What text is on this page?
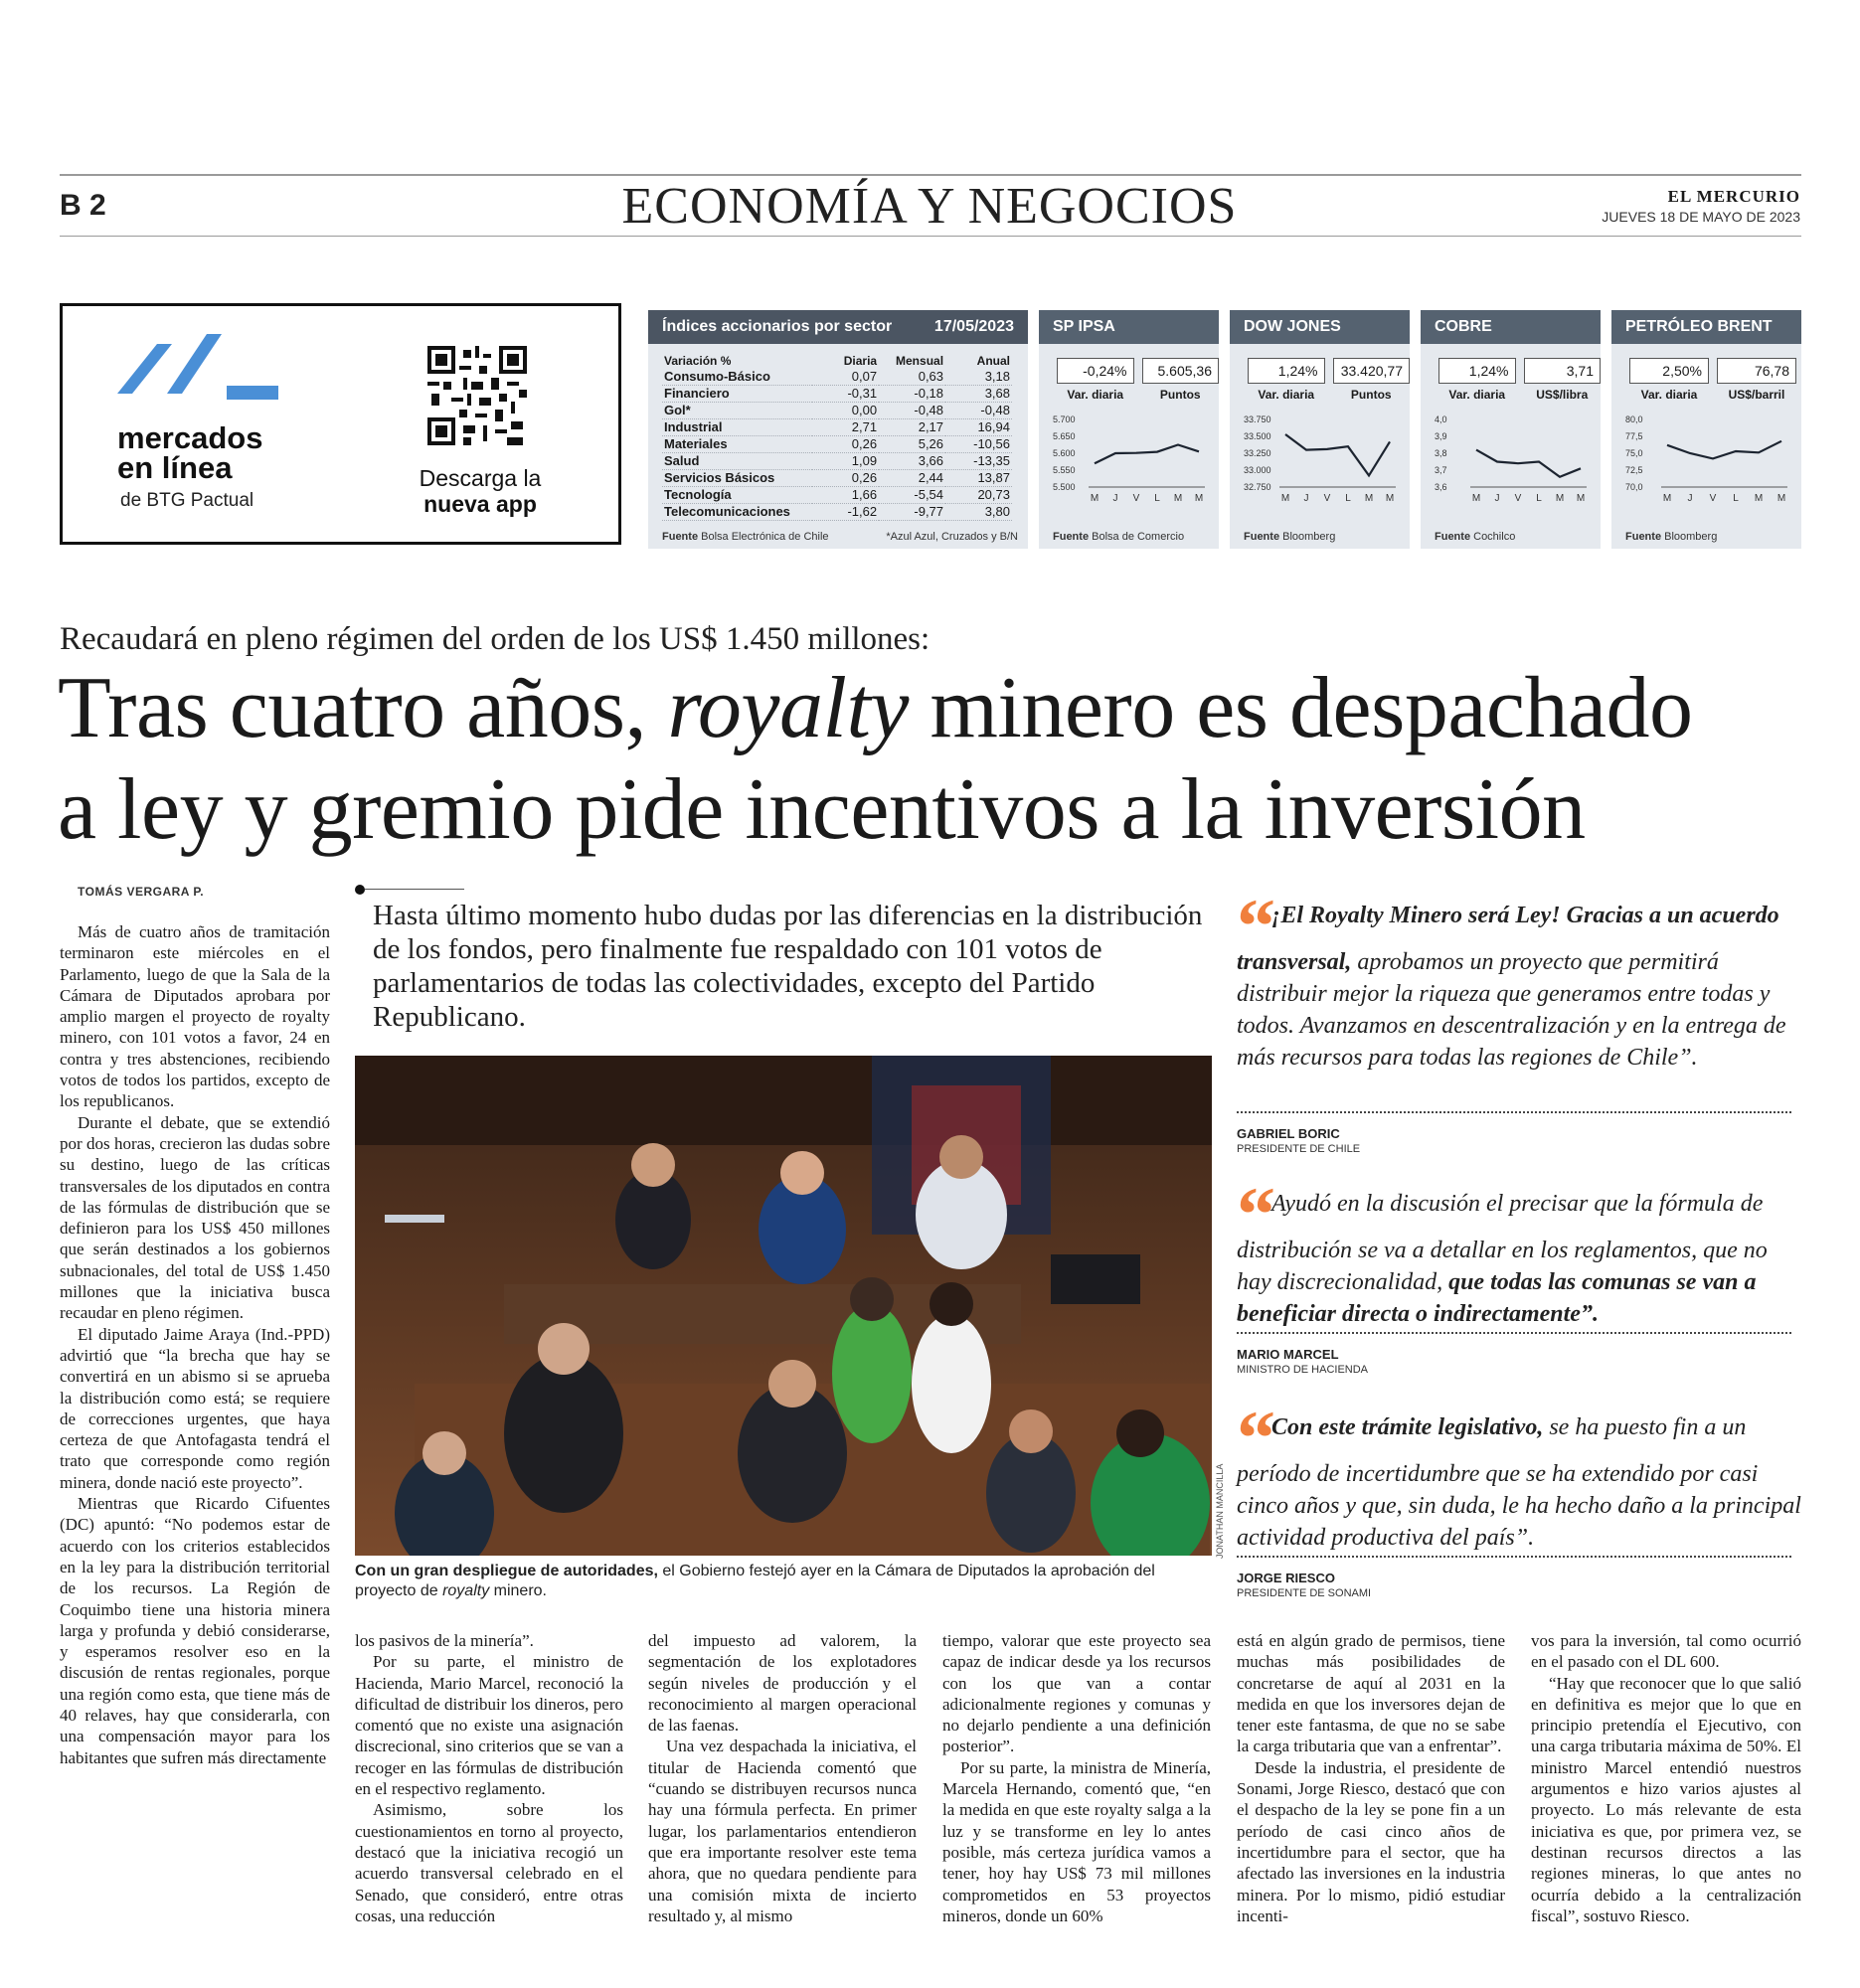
B 2	ECONOMÍA Y NEGOCIOS	EL MERCURIO
JUEVES 18 DE MAYO DE 2023
mercados
en línea
de BTG Pactual
Descarga la
nueva app
Índices accionarios por sector	17/05/2023
Variación %	Diaria	Mensual	Anual
Consumo-Básico	0,07	0,63	3,18
Financiero	-0,31	-0,18	3,68
Gol*	0,00	-0,48	-0,48
Industrial	2,71	2,17	16,94
Materiales	0,26	5,26	-10,56
Salud	1,09	3,66	-13,35
Servicios Básicos	0,26	2,44	13,87
Tecnología	1,66	-5,54	20,73
Telecomunicaciones	-1,62	-9,77	3,80
Fuente Bolsa Electrónica de Chile	*Azul Azul, Cruzados y B/N
SP IPSA
-0,24%	5.605,36
Var. diaria	Puntos
Fuente Bolsa de Comercio
5.700
5.650
5.600
5.550
5.500
M J V L M M
DOW JONES
1,24%	33.420,77
Var. diaria	Puntos
Fuente Bloomberg
33.750
33.500
33.250
33.000
32.750
M J V L M M
COBRE
1,24%	3,71
Var. diaria	US$/libra
Fuente Cochilco
4,0
3,9
3,8
3,7
3,6
M J V L M M
PETRÓLEO BRENT
2,50%	76,78
Var. diaria	US$/barril
Fuente Bloomberg
80,0
77,5
75,0
72,5
70,0
M J V L M M
Recaudará en pleno régimen del orden de los US$ 1.450 millones:
Tras cuatro años, royalty minero es despachado
a ley y gremio pide incentivos a la inversión
TOMÁS VERGARA P.

Más de cuatro años de tramitación terminaron este miércoles en el Parlamento, luego de que la Sala de la Cámara de Diputados aprobara por amplio margen el proyecto de royalty minero, con 101 votos a favor, 24 en contra y tres abstenciones, recibiendo votos de todos los partidos, excepto de los republicanos.

Durante el debate, que se extendió por dos horas, crecieron las dudas sobre su destino, luego de las críticas transversales de los diputados en contra de las fórmulas de distribución que se definieron para los US$ 450 millones que serán destinados a los gobiernos subnacionales, del total de US$ 1.450 millones que la iniciativa busca recaudar en pleno régimen.

El diputado Jaime Araya (Ind.-PPD) advirtió que “la brecha que hay se convertirá en un abismo si se aprueba la distribución como está; se requiere de correcciones urgentes, que haya certeza de que Antofagasta tendrá el trato que corresponde como región minera, donde nació este proyecto”.

Mientras que Ricardo Cifuentes (DC) apuntó: “No podemos estar de acuerdo con los criterios establecidos en la ley para la distribución territorial de los recursos. La Región de Coquimbo tiene una historia minera larga y profunda y debió considerarse, y esperamos resolver eso en la discusión de rentas regionales, porque una región como esta, que tiene más de 40 relaves, hay que considerarla, con una compensación mayor para los habitantes que sufren más directamente

Hasta último momento hubo dudas por las diferencias en la distribución de los fondos, pero finalmente fue respaldado con 101 votos de parlamentarios de todas las colectividades, excepto del Partido Republicano.
JONATHAN MANCILLA
Con un gran despliegue de autoridades, el Gobierno festejó ayer en la Cámara de Diputados la aprobación del proyecto de royalty minero.

los pasivos de la minería”.

Por su parte, el ministro de Hacienda, Mario Marcel, reconoció la dificultad de distribuir los dineros, pero comentó que no existe una asignación discrecional, sino criterios que se van a recoger en las fórmulas de distribución en el respectivo reglamento.

Asimismo, sobre los cuestionamientos en torno al proyecto, destacó que la iniciativa recogió un acuerdo transversal celebrado en el Senado, que consideró, entre otras cosas, una reducción

del impuesto ad valorem, la segmentación de los explotadores según niveles de producción y el reconocimiento al margen operacional de las faenas.

Una vez despachada la iniciativa, el titular de Hacienda comentó que “cuando se distribuyen recursos nunca hay una fórmula perfecta. En primer lugar, los parlamentarios entendieron que era importante resolver este tema ahora, que no quedara pendiente para una comisión mixta de incierto resultado y, al mismo

tiempo, valorar que este proyecto sea capaz de indicar desde ya los recursos con los que van a contar adicionalmente regiones y comunas y no dejarlo pendiente a una definición posterior”.

Por su parte, la ministra de Minería, Marcela Hernando, comentó que, “en la medida en que este royalty salga a la luz y se transforme en ley lo antes posible, más certeza jurídica vamos a tener, hoy hay US$ 73 mil millones comprometidos en 53 proyectos mineros, donde un 60%

está en algún grado de permisos, tiene muchas más posibilidades de concretarse de aquí al 2031 en la medida en que los inversores dejan de tener este fantasma, de que no se sabe la carga tributaria que van a enfrentar”.

Desde la industria, el presidente de Sonami, Jorge Riesco, destacó que con el despacho de la ley se pone fin a un período de casi cinco años de incertidumbre para el sector, que ha afectado las inversiones en la industria minera. Por lo mismo, pidió estudiar incenti-

vos para la inversión, tal como ocurrió en el pasado con el DL 600.

“Hay que reconocer que lo que salió en definitiva es mejor que lo que en principio pretendía el Ejecutivo, con una carga tributaria máxima de 50%. El ministro Marcel entendió nuestros argumentos e hizo varios ajustes al proyecto. Lo más relevante de esta iniciativa es que, por primera vez, se destinan recursos directos a las regiones mineras, lo que antes no ocurría debido a la centralización fiscal”, sostuvo Riesco.

“ ¡El Royalty Minero será Ley! Gracias a un acuerdo transversal, aprobamos un proyecto que permitirá distribuir mejor la riqueza que generamos entre todas y todos. Avanzamos en descentralización y en la entrega de más recursos para todas las regiones de Chile”.
GABRIEL BORIC
PRESIDENTE DE CHILE
“ Ayudó en la discusión el precisar que la fórmula de distribución se va a detallar en los reglamentos, que no hay discrecionalidad, que todas las comunas se van a beneficiar directa o indirectamente”.
MARIO MARCEL
MINISTRO DE HACIENDA
“ Con este trámite legislativo, se ha puesto fin a un período de incertidumbre que se ha extendido por casi cinco años y que, sin duda, le ha hecho daño a la principal actividad productiva del país”.
JORGE RIESCO
PRESIDENTE DE SONAMI
